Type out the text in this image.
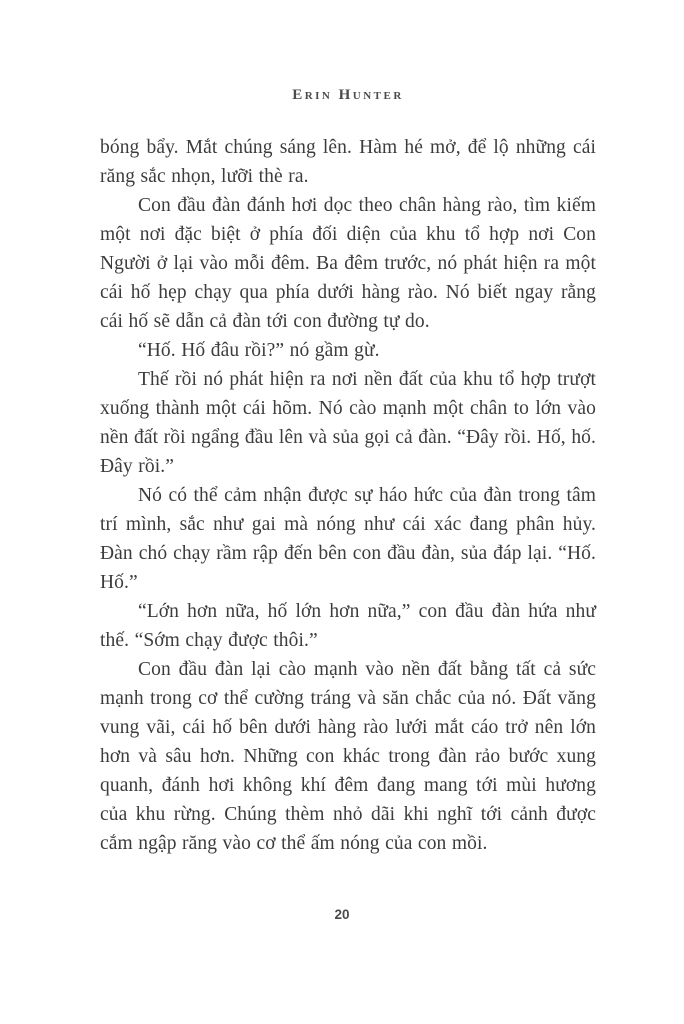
Erin Hunter

bóng bẩy. Mắt chúng sáng lên. Hàm hé mở, để lộ những cái răng sắc nhọn, lưỡi thè ra.

Con đầu đàn đánh hơi dọc theo chân hàng rào, tìm kiếm một nơi đặc biệt ở phía đối diện của khu tổ hợp nơi Con Người ở lại vào mỗi đêm. Ba đêm trước, nó phát hiện ra một cái hố hẹp chạy qua phía dưới hàng rào. Nó biết ngay rằng cái hố sẽ dẫn cả đàn tới con đường tự do.

“Hố. Hố đâu rồi?” nó gầm gừ.

Thế rồi nó phát hiện ra nơi nền đất của khu tổ hợp trượt xuống thành một cái hõm. Nó cào mạnh một chân to lớn vào nền đất rồi ngẩng đầu lên và sủa gọi cả đàn. “Đây rồi. Hố, hố. Đây rồi.”

Nó có thể cảm nhận được sự háo hức của đàn trong tâm trí mình, sắc như gai mà nóng như cái xác đang phân hủy. Đàn chó chạy rầm rập đến bên con đầu đàn, sủa đáp lại. “Hố. Hố.”

“Lớn hơn nữa, hố lớn hơn nữa,” con đầu đàn hứa như thế. “Sớm chạy được thôi.”

Con đầu đàn lại cào mạnh vào nền đất bằng tất cả sức mạnh trong cơ thể cường tráng và săn chắc của nó. Đất văng vung vãi, cái hố bên dưới hàng rào lưới mắt cáo trở nên lớn hơn và sâu hơn. Những con khác trong đàn rảo bước xung quanh, đánh hơi không khí đêm đang mang tới mùi hương của khu rừng. Chúng thèm nhỏ dãi khi nghĩ tới cảnh được cắm ngập răng vào cơ thể ấm nóng của con mồi.

20
